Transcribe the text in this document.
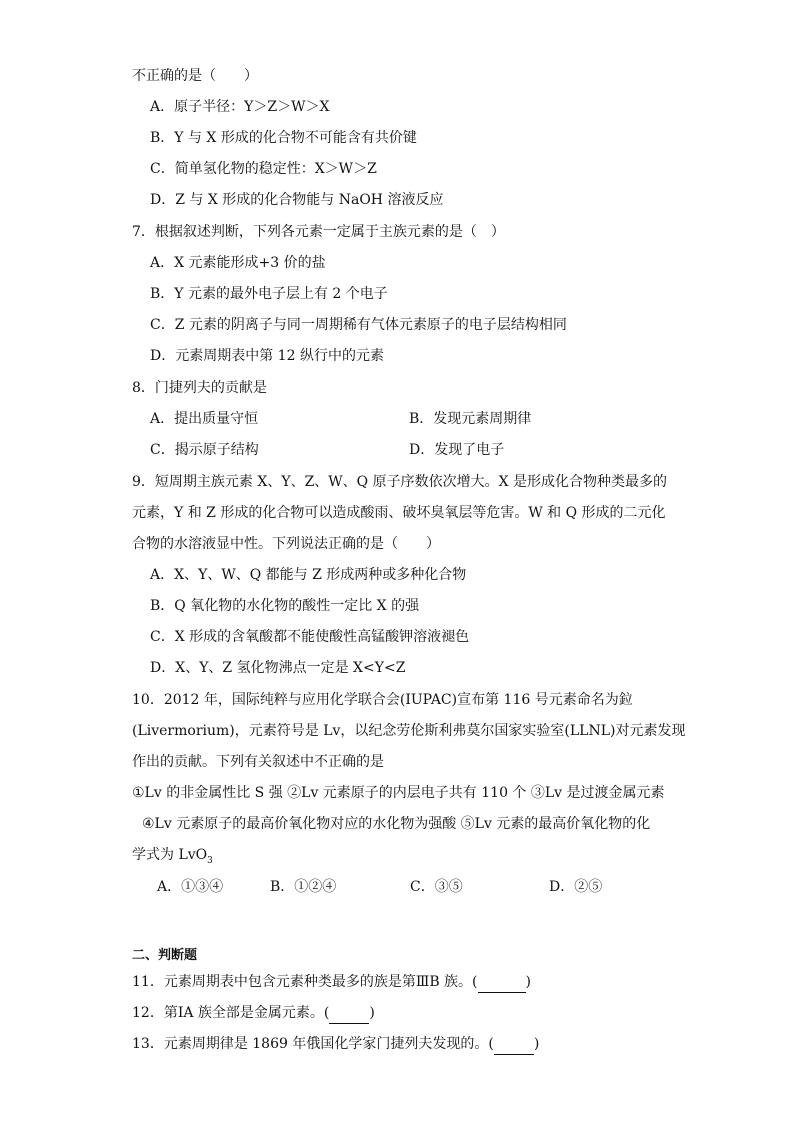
不正确的是（　　）
A．原子半径：Y＞Z＞W＞X
B．Y 与 X 形成的化合物不可能含有共价键
C．简单氢化物的稳定性：X＞W＞Z
D．Z 与 X 形成的化合物能与 NaOH 溶液反应
7．根据叙述判断，下列各元素一定属于主族元素的是（　）
A．X 元素能形成+3 价的盐
B．Y 元素的最外电子层上有 2 个电子
C．Z 元素的阴离子与同一周期稀有气体元素原子的电子层结构相同
D．元素周期表中第 12 纵行中的元素
8．门捷列夫的贡献是
A．提出质量守恒	B．发现元素周期律
C．揭示原子结构	D．发现了电子
9．短周期主族元素 X、Y、Z、W、Q 原子序数依次增大。X 是形成化合物种类最多的
元素，Y 和 Z 形成的化合物可以造成酸雨、破坏臭氧层等危害。W 和 Q 形成的二元化
合物的水溶液显中性。下列说法正确的是（　　）
A．X、Y、W、Q 都能与 Z 形成两种或多种化合物
B．Q 氧化物的水化物的酸性一定比 X 的强
C．X 形成的含氧酸都不能使酸性高锰酸钾溶液褪色
D．X、Y、Z 氢化物沸点一定是 X<Y<Z
10．2012 年，国际纯粹与应用化学联合会(IUPAC)宣布第 116 号元素命名为鉝
(Livermorium)，元素符号是 Lv，以纪念劳伦斯利弗莫尔国家实验室(LLNL)对元素发现
作出的贡献。下列有关叙述中不正确的是
①Lv 的非金属性比 S 强 ②Lv 元素原子的内层电子共有 110 个 ③Lv 是过渡金属元素
④Lv 元素原子的最高价氧化物对应的水化物为强酸 ⑤Lv 元素的最高价氧化物的化
学式为 LvO$_3$
A．①③④	B．①②④	C．③⑤	D．②⑤
二、判断题
11．元素周期表中包含元素种类最多的族是第ⅢB 族。(	)
12．第ⅠA 族全部是金属元素。(	)
13．元素周期律是 1869 年俄国化学家门捷列夫发现的。(	)
